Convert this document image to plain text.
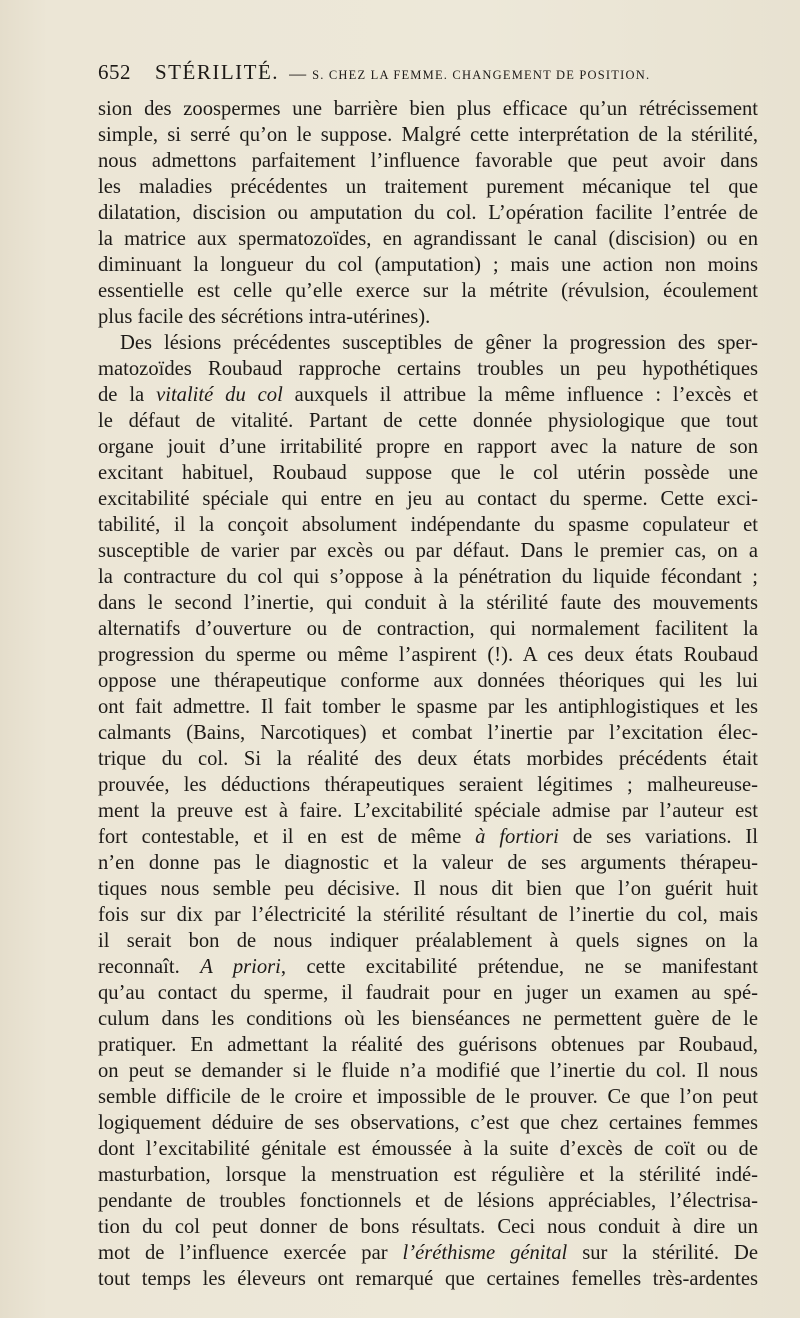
652 STÉRILITÉ. — S. CHEZ LA FEMME. CHANGEMENT DE POSITION.
sion des zoospermes une barrière bien plus efficace qu’un rétrécissement
simple, si serré qu’on le suppose. Malgré cette interprétation de la stérilité,
nous admettons parfaitement l’influence favorable que peut avoir dans
les maladies précédentes un traitement purement mécanique tel que
dilatation, discision ou amputation du col. L’opération facilite l’entrée de
la matrice aux spermatozoïdes, en agrandissant le canal (discision) ou en
diminuant la longueur du col (amputation) ; mais une action non moins
essentielle est celle qu’elle exerce sur la métrite (révulsion, écoulement
plus facile des sécrétions intra-utérines).
Des lésions précédentes susceptibles de gêner la progression des sper-
matozoïdes Roubaud rapproche certains troubles un peu hypothétiques
de la vitalité du col auxquels il attribue la même influence : l’excès et
le défaut de vitalité. Partant de cette donnée physiologique que tout
organe jouit d’une irritabilité propre en rapport avec la nature de son
excitant habituel, Roubaud suppose que le col utérin possède une
excitabilité spéciale qui entre en jeu au contact du sperme. Cette exci-
tabilité, il la conçoit absolument indépendante du spasme copulateur et
susceptible de varier par excès ou par défaut. Dans le premier cas, on a
la contracture du col qui s’oppose à la pénétration du liquide fécondant ;
dans le second l’inertie, qui conduit à la stérilité faute des mouvements
alternatifs d’ouverture ou de contraction, qui normalement facilitent la
progression du sperme ou même l’aspirent (!). A ces deux états Roubaud
oppose une thérapeutique conforme aux données théoriques qui les lui
ont fait admettre. Il fait tomber le spasme par les antiphlogistiques et les
calmants (Bains, Narcotiques) et combat l’inertie par l’excitation élec-
trique du col. Si la réalité des deux états morbides précédents était
prouvée, les déductions thérapeutiques seraient légitimes ; malheureuse-
ment la preuve est à faire. L’excitabilité spéciale admise par l’auteur est
fort contestable, et il en est de même à fortiori de ses variations. Il
n’en donne pas le diagnostic et la valeur de ses arguments thérapeu-
tiques nous semble peu décisive. Il nous dit bien que l’on guérit huit
fois sur dix par l’électricité la stérilité résultant de l’inertie du col, mais
il serait bon de nous indiquer préalablement à quels signes on la
reconnaît. A priori, cette excitabilité prétendue, ne se manifestant
qu’au contact du sperme, il faudrait pour en juger un examen au spé-
culum dans les conditions où les bienséances ne permettent guère de le
pratiquer. En admettant la réalité des guérisons obtenues par Roubaud,
on peut se demander si le fluide n’a modifié que l’inertie du col. Il nous
semble difficile de le croire et impossible de le prouver. Ce que l’on peut
logiquement déduire de ses observations, c’est que chez certaines femmes
dont l’excitabilité génitale est émoussée à la suite d’excès de coït ou de
masturbation, lorsque la menstruation est régulière et la stérilité indé-
pendante de troubles fonctionnels et de lésions appréciables, l’électrisa-
tion du col peut donner de bons résultats. Ceci nous conduit à dire un
mot de l’influence exercée par l’éréthisme génital sur la stérilité. De
tout temps les éleveurs ont remarqué que certaines femelles très-ardentes
